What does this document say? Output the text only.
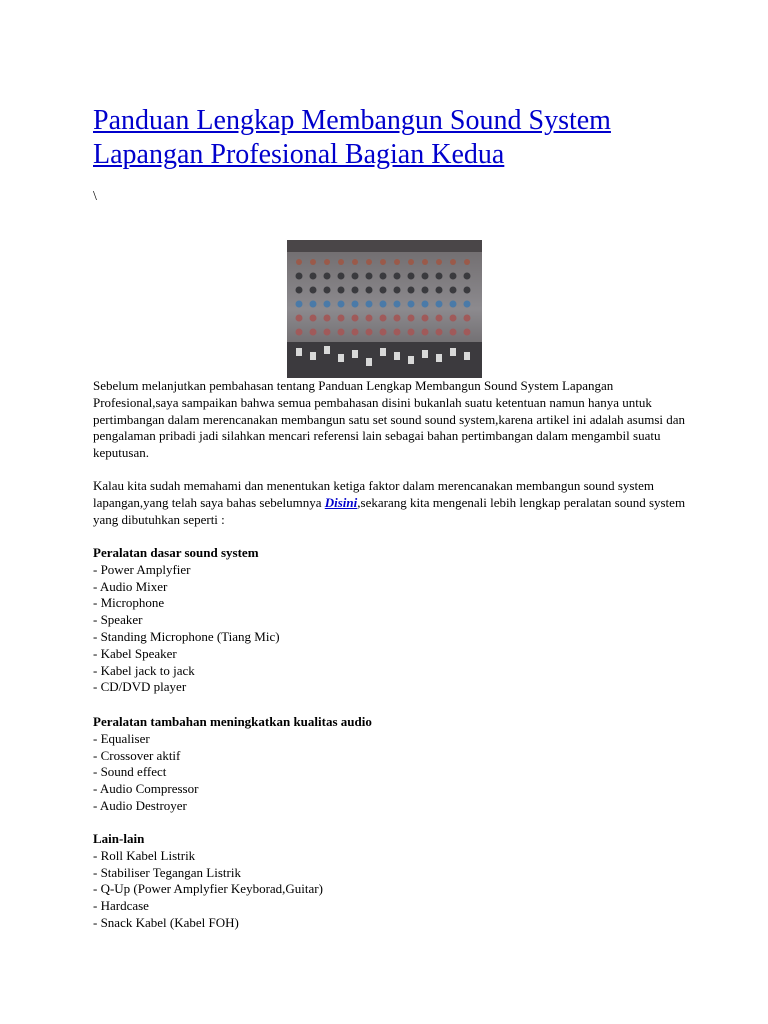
Panduan Lengkap Membangun Sound System Lapangan Profesional Bagian Kedua
\
Sebelum melanjutkan pembahasan tentang Panduan Lengkap Membangun Sound System Lapangan Profesional,saya sampaikan bahwa semua pembahasan disini bukanlah suatu ketentuan namun hanya untuk pertimbangan dalam merencanakan membangun satu set sound sound system,karena artikel ini adalah asumsi dan pengalaman pribadi jadi silahkan mencari referensi lain sebagai bahan pertimbangan dalam mengambil suatu keputusan.
Kalau kita sudah memahami dan menentukan ketiga faktor dalam merencanakan membangun sound system lapangan,yang telah saya bahas sebelumnya Disini,sekarang kita mengenali lebih lengkap peralatan sound system yang dibutuhkan seperti :
Peralatan dasar sound system
- Power Amplyfier
- Audio Mixer
- Microphone
- Speaker
- Standing Microphone (Tiang Mic)
- Kabel Speaker
- Kabel jack to jack
- CD/DVD player
Peralatan tambahan meningkatkan kualitas audio
- Equaliser
- Crossover aktif
- Sound effect
- Audio Compressor
- Audio Destroyer
Lain-lain
- Roll Kabel Listrik
- Stabiliser Tegangan Listrik
- Q-Up (Power Amplyfier Keyborad,Guitar)
- Hardcase
- Snack Kabel (Kabel FOH)
